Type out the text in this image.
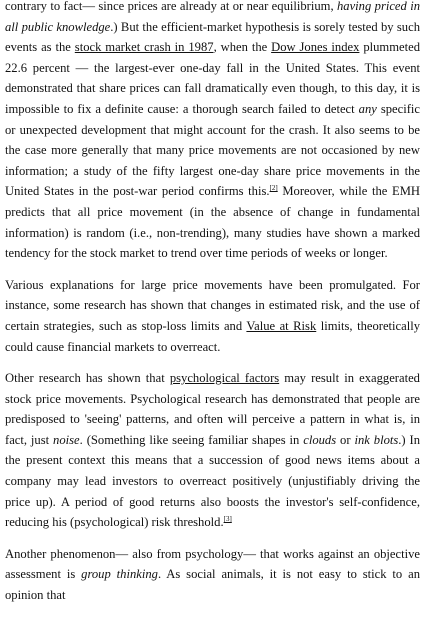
contrary to fact— since prices are already at or near equilibrium, having priced in all public knowledge.) But the efficient-market hypothesis is sorely tested by such events as the stock market crash in 1987, when the Dow Jones index plummeted 22.6 percent — the largest-ever one-day fall in the United States. This event demonstrated that share prices can fall dramatically even though, to this day, it is impossible to fix a definite cause: a thorough search failed to detect any specific or unexpected development that might account for the crash. It also seems to be the case more generally that many price movements are not occasioned by new information; a study of the fifty largest one-day share price movements in the United States in the post-war period confirms this.[2] Moreover, while the EMH predicts that all price movement (in the absence of change in fundamental information) is random (i.e., non-trending), many studies have shown a marked tendency for the stock market to trend over time periods of weeks or longer.

Various explanations for large price movements have been promulgated. For instance, some research has shown that changes in estimated risk, and the use of certain strategies, such as stop-loss limits and Value at Risk limits, theoretically could cause financial markets to overreact.

Other research has shown that psychological factors may result in exaggerated stock price movements. Psychological research has demonstrated that people are predisposed to 'seeing' patterns, and often will perceive a pattern in what is, in fact, just noise. (Something like seeing familiar shapes in clouds or ink blots.) In the present context this means that a succession of good news items about a company may lead investors to overreact positively (unjustifiably driving the price up). A period of good returns also boosts the investor's self-confidence, reducing his (psychological) risk threshold.[3]

Another phenomenon— also from psychology— that works against an objective assessment is group thinking. As social animals, it is not easy to stick to an opinion that
